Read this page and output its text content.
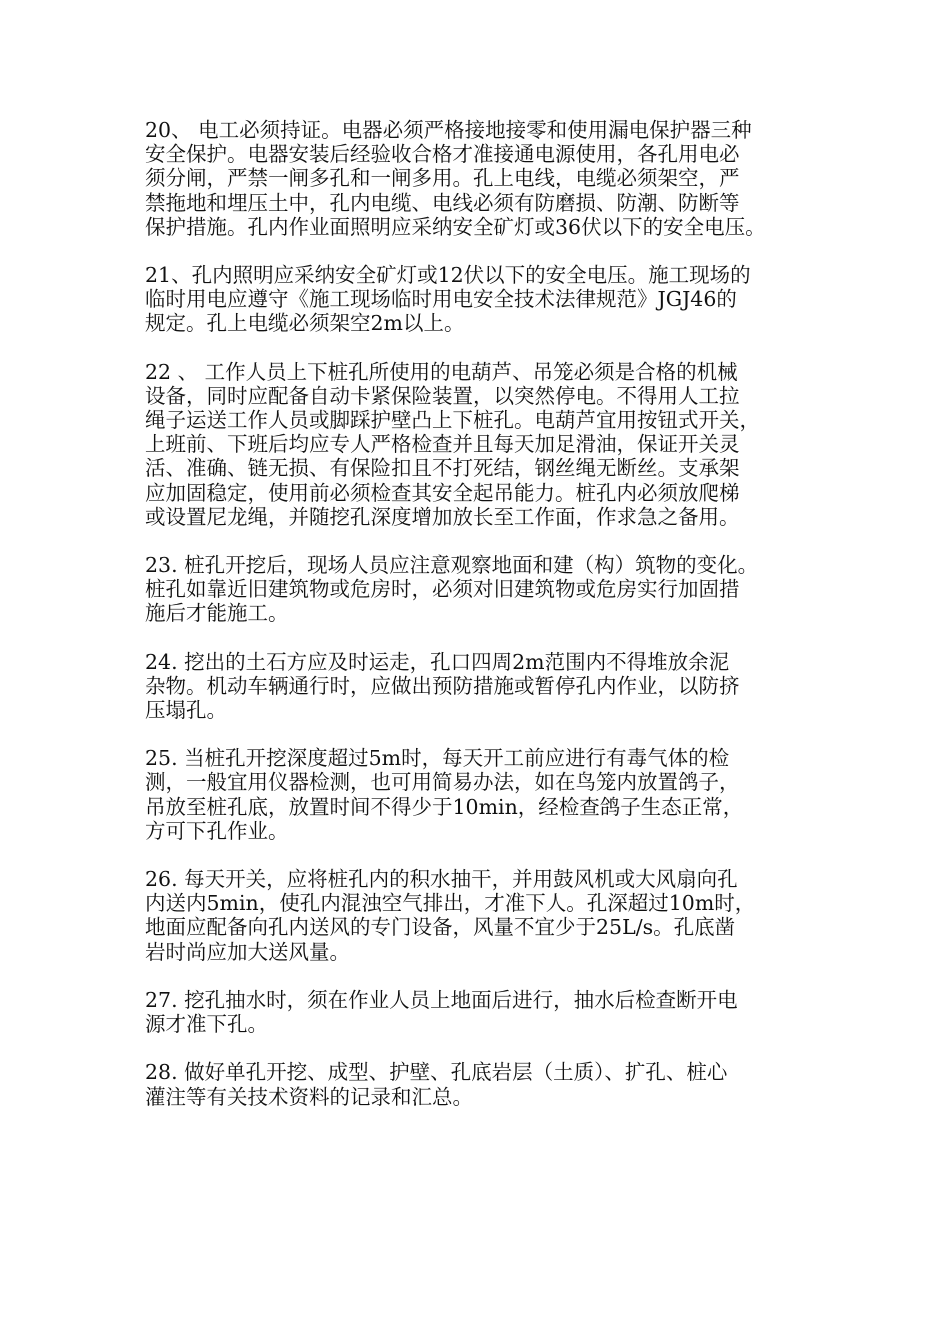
20、 电工必须持证。电器必须严格接地接零和使用漏电保护器三种
安全保护。电器安装后经验收合格才准接通电源使用，各孔用电必
须分闸，严禁一闸多孔和一闸多用。孔上电线，电缆必须架空，严
禁拖地和埋压土中，孔内电缆、电线必须有防磨损、防潮、防断等
保护措施。孔内作业面照明应采纳安全矿灯或36伏以下的安全电压。

21、孔内照明应采纳安全矿灯或12伏以下的安全电压。施工现场的
临时用电应遵守《施工现场临时用电安全技术法律规范》JGJ46的
规定。孔上电缆必须架空2m以上。

22 、 工作人员上下桩孔所使用的电葫芦、吊笼必须是合格的机械
设备，同时应配备自动卡紧保险装置，以突然停电。不得用人工拉
绳子运送工作人员或脚踩护壁凸上下桩孔。电葫芦宜用按钮式开关，
上班前、下班后均应专人严格检查并且每天加足滑油，保证开关灵
活、准确、链无损、有保险扣且不打死结，钢丝绳无断丝。支承架
应加固稳定，使用前必须检查其安全起吊能力。桩孔内必须放爬梯
或设置尼龙绳，并随挖孔深度增加放长至工作面，作求急之备用。

23. 桩孔开挖后，现场人员应注意观察地面和建（构）筑物的变化。
桩孔如靠近旧建筑物或危房时，必须对旧建筑物或危房实行加固措
施后才能施工。

24. 挖出的土石方应及时运走，孔口四周2m范围内不得堆放余泥
杂物。机动车辆通行时，应做出预防措施或暂停孔内作业，以防挤
压塌孔。

25. 当桩孔开挖深度超过5m时，每天开工前应进行有毒气体的检
测，一般宜用仪器检测，也可用简易办法，如在鸟笼内放置鸽子，
吊放至桩孔底，放置时间不得少于10min，经检查鸽子生态正常，
方可下孔作业。

26. 每天开关，应将桩孔内的积水抽干，并用鼓风机或大风扇向孔
内送内5min，使孔内混浊空气排出，才准下人。孔深超过10m时，
地面应配备向孔内送风的专门设备，风量不宜少于25L/s。孔底凿
岩时尚应加大送风量。

27. 挖孔抽水时，须在作业人员上地面后进行，抽水后检查断开电
源才准下孔。

28. 做好单孔开挖、成型、护壁、孔底岩层（土质）、扩孔、桩心
灌注等有关技术资料的记录和汇总。
